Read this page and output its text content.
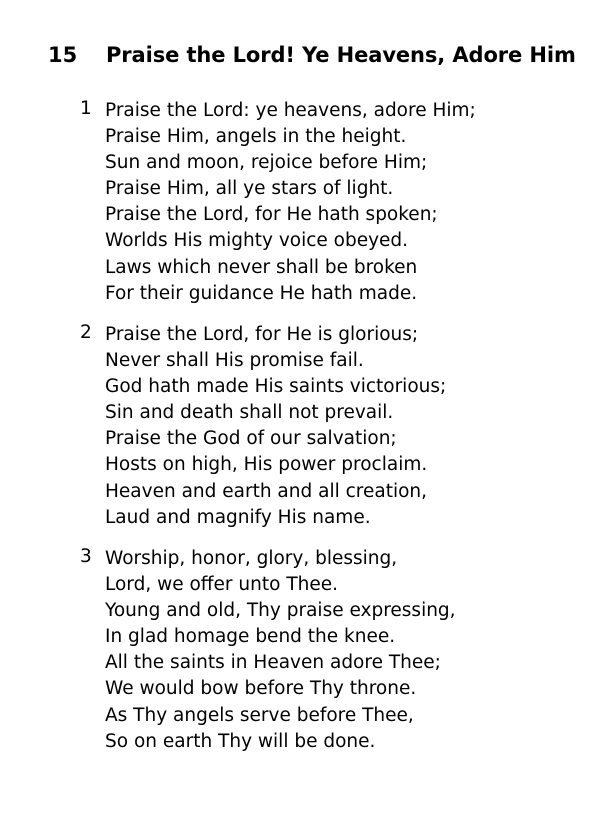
15	Praise the Lord! Ye Heavens, Adore Him
1 Praise the Lord: ye heavens, adore Him;
Praise Him, angels in the height.
Sun and moon, rejoice before Him;
Praise Him, all ye stars of light.
Praise the Lord, for He hath spoken;
Worlds His mighty voice obeyed.
Laws which never shall be broken
For their guidance He hath made.
2 Praise the Lord, for He is glorious;
Never shall His promise fail.
God hath made His saints victorious;
Sin and death shall not prevail.
Praise the God of our salvation;
Hosts on high, His power proclaim.
Heaven and earth and all creation,
Laud and magnify His name.
3 Worship, honor, glory, blessing,
Lord, we offer unto Thee.
Young and old, Thy praise expressing,
In glad homage bend the knee.
All the saints in Heaven adore Thee;
We would bow before Thy throne.
As Thy angels serve before Thee,
So on earth Thy will be done.
